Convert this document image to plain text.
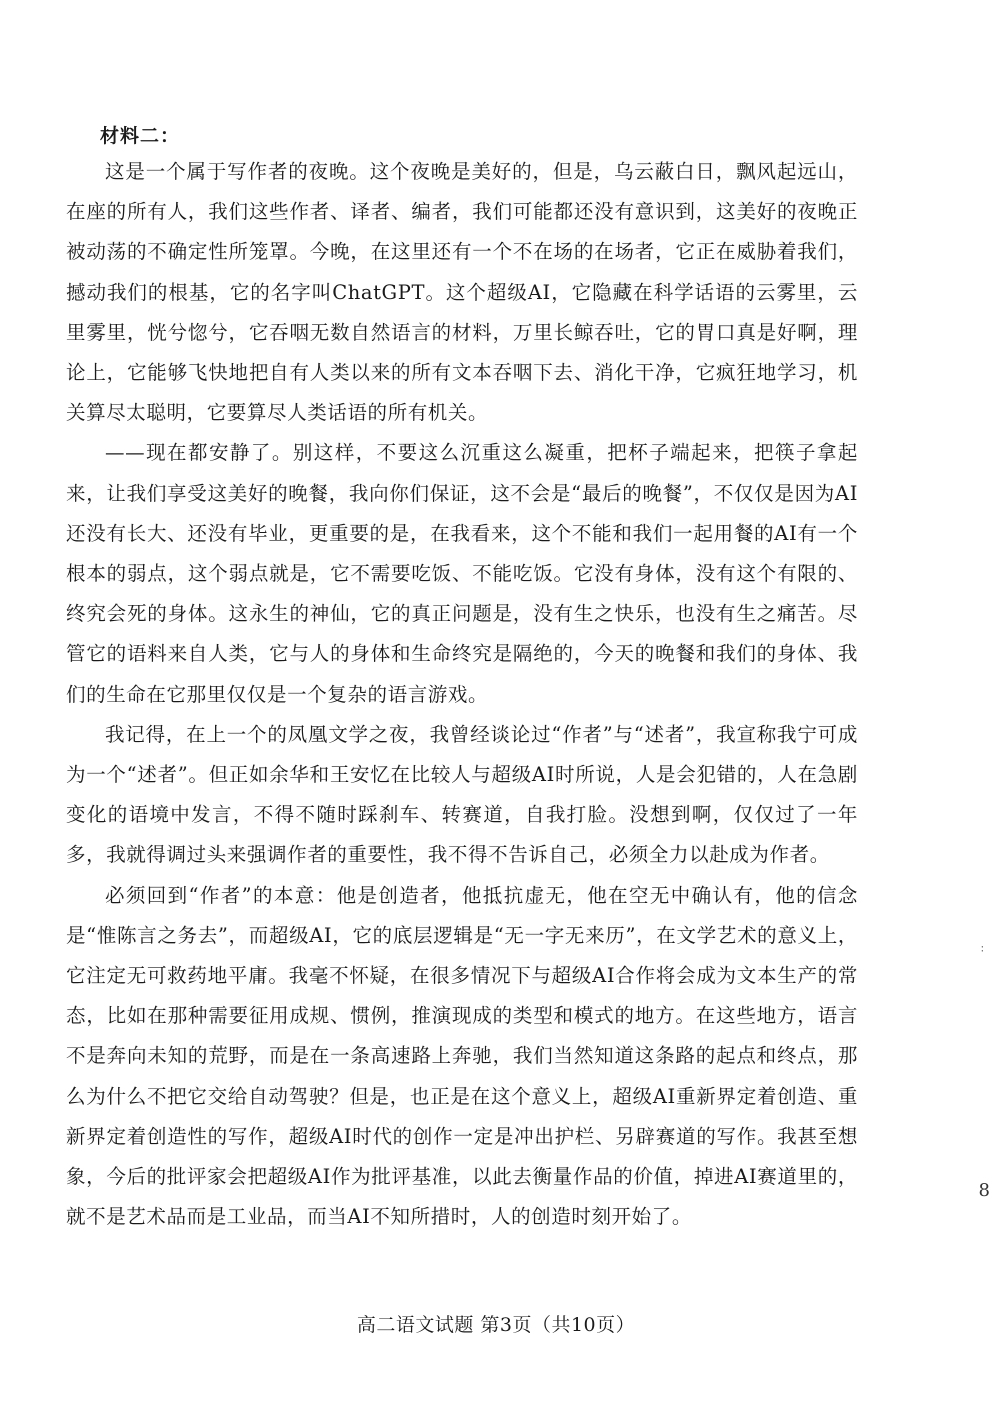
材料二：

这是一个属于写作者的夜晚。这个夜晚是美好的，但是，乌云蔽白日，飘风起远山，在座的所有人，我们这些作者、译者、编者，我们可能都还没有意识到，这美好的夜晚正被动荡的不确定性所笼罩。今晚，在这里还有一个不在场的在场者，它正在威胁着我们，撼动我们的根基，它的名字叫ChatGPT。这个超级AI，它隐藏在科学话语的云雾里，云里雾里，恍兮惚兮，它吞咽无数自然语言的材料，万里长鲸吞吐，它的胃口真是好啊，理论上，它能够飞快地把自有人类以来的所有文本吞咽下去、消化干净，它疯狂地学习，机关算尽太聪明，它要算尽人类话语的所有机关。

——现在都安静了。别这样，不要这么沉重这么凝重，把杯子端起来，把筷子拿起来，让我们享受这美好的晚餐，我向你们保证，这不会是“最后的晚餐”，不仅仅是因为AI还没有长大、还没有毕业，更重要的是，在我看来，这个不能和我们一起用餐的AI有一个根本的弱点，这个弱点就是，它不需要吃饭、不能吃饭。它没有身体，没有这个有限的、终究会死的身体。这永生的神仙，它的真正问题是，没有生之快乐，也没有生之痛苦。尽管它的语料来自人类，它与人的身体和生命终究是隔绝的，今天的晚餐和我们的身体、我们的生命在它那里仅仅是一个复杂的语言游戏。

我记得，在上一个的凤凰文学之夜，我曾经谈论过“作者”与“述者”，我宣称我宁可成为一个“述者”。但正如余华和王安忆在比较人与超级AI时所说，人是会犯错的，人在急剧变化的语境中发言，不得不随时踩刹车、转赛道，自我打脸。没想到啊，仅仅过了一年多，我就得调过头来强调作者的重要性，我不得不告诉自己，必须全力以赴成为作者。

必须回到“作者”的本意：他是创造者，他抵抗虚无，他在空无中确认有，他的信念是“惟陈言之务去”，而超级AI，它的底层逻辑是“无一字无来历”，在文学艺术的意义上，它注定无可救药地平庸。我毫不怀疑，在很多情况下与超级AI合作将会成为文本生产的常态，比如在那种需要征用成规、惯例，推演现成的类型和模式的地方。在这些地方，语言不是奔向未知的荒野，而是在一条高速路上奔驰，我们当然知道这条路的起点和终点，那么为什么不把它交给自动驾驶？但是，也正是在这个意义上，超级AI重新界定着创造、重新界定着创造性的写作，超级AI时代的创作一定是冲出护栏、另辟赛道的写作。我甚至想象，今后的批评家会把超级AI作为批评基准，以此去衡量作品的价值，掉进AI赛道里的，就不是艺术品而是工业品，而当AI不知所措时，人的创造时刻开始了。

：
8
高二语文试题 第3页（共10页）
